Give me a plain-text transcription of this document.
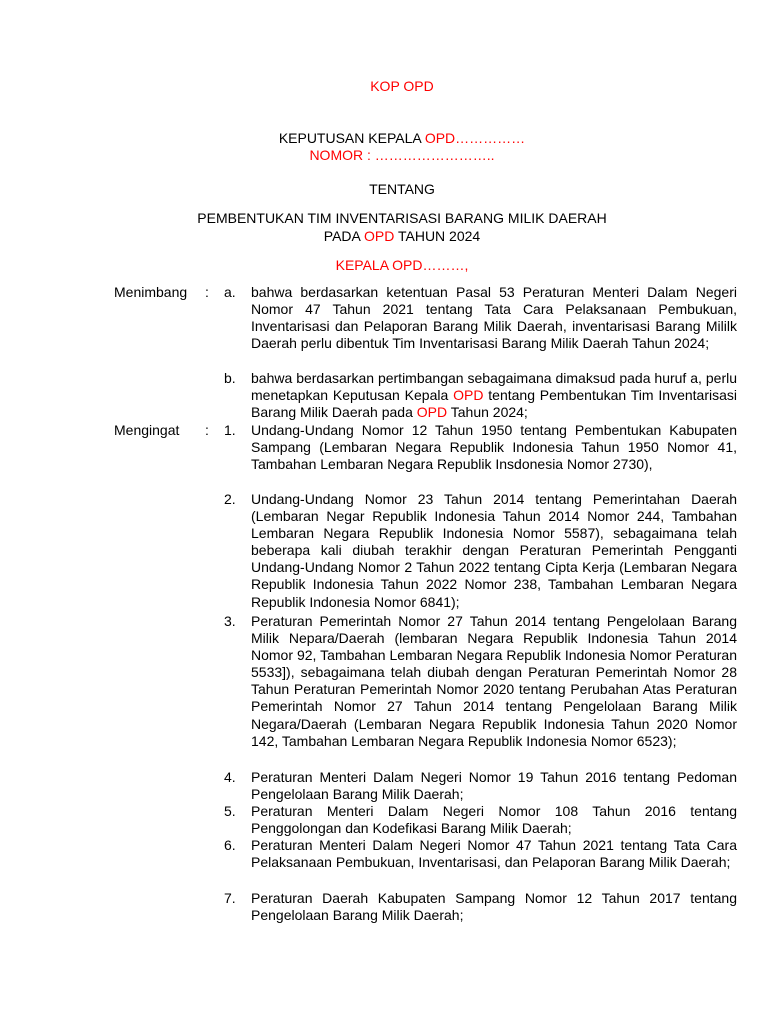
KOP OPD
KEPUTUSAN KEPALA OPD……………
NOMOR : ……………………..
TENTANG
PEMBENTUKAN TIM INVENTARISASI BARANG MILIK DAERAH
PADA OPD TAHUN 2024
KEPALA OPD………,
Menimbang : a. bahwa berdasarkan ketentuan Pasal 53 Peraturan Menteri Dalam Negeri Nomor 47 Tahun 2021 tentang Tata Cara Pelaksanaan Pembukuan, Inventarisasi dan Pelaporan Barang Milik Daerah, inventarisasi Barang Mililk Daerah perlu dibentuk Tim Inventarisasi Barang Milik Daerah Tahun 2024;
b. bahwa berdasarkan pertimbangan sebagaimana dimaksud pada huruf a, perlu menetapkan Keputusan Kepala OPD tentang Pembentukan Tim Inventarisasi Barang Milik Daerah pada OPD Tahun 2024;
Mengingat : 1. Undang-Undang Nomor 12 Tahun 1950 tentang Pembentukan Kabupaten Sampang (Lembaran Negara Republik Indonesia Tahun 1950 Nomor 41, Tambahan Lembaran Negara Republik Insdonesia Nomor 2730),
2. Undang-Undang Nomor 23 Tahun 2014 tentang Pemerintahan Daerah (Lembaran Negar Republik Indonesia Tahun 2014 Nomor 244, Tambahan Lembaran Negara Republik Indonesia Nomor 5587), sebagaimana telah beberapa kali diubah terakhir dengan Peraturan Pemerintah Pengganti Undang-Undang Nomor 2 Tahun 2022 tentang Cipta Kerja (Lembaran Negara Republik Indonesia Tahun 2022 Nomor 238, Tambahan Lembaran Negara Republik Indonesia Nomor 6841);
3. Peraturan Pemerintah Nomor 27 Tahun 2014 tentang Pengelolaan Barang Milik Nepara/Daerah (lembaran Negara Republik Indonesia Tahun 2014 Nomor 92, Tambahan Lembaran Negara Republik Indonesia Nomor Peraturan 5533]), sebagaimana telah diubah dengan Peraturan Pemerintah Nomor 28 Tahun Peraturan Pemerintah Nomor 2020 tentang Perubahan Atas Peraturan Pemerintah Nomor 27 Tahun 2014 tentang Pengelolaan Barang Milik Negara/Daerah (Lembaran Negara Republik Indonesia Tahun 2020 Nomor 142, Tambahan Lembaran Negara Republik Indonesia Nomor 6523);
4. Peraturan Menteri Dalam Negeri Nomor 19 Tahun 2016 tentang Pedoman Pengelolaan Barang Milik Daerah;
5. Peraturan Menteri Dalam Negeri Nomor 108 Tahun 2016 tentang Penggolongan dan Kodefikasi Barang Milik Daerah;
6. Peraturan Menteri Dalam Negeri Nomor 47 Tahun 2021 tentang Tata Cara Pelaksanaan Pembukuan, Inventarisasi, dan Pelaporan Barang Milik Daerah;
7. Peraturan Daerah Kabupaten Sampang Nomor 12 Tahun 2017 tentang Pengelolaan Barang Milik Daerah;
